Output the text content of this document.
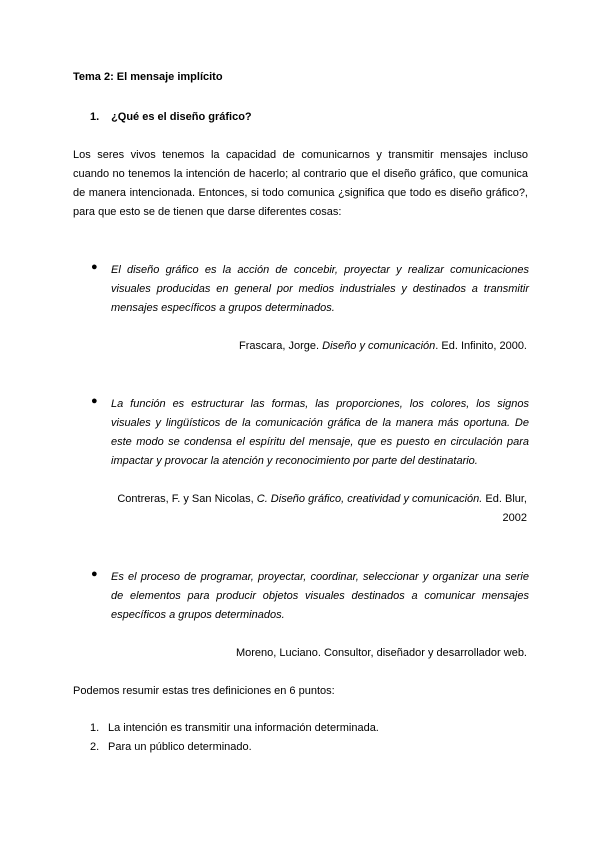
Tema 2: El mensaje implícito
1. ¿Qué es el diseño gráfico?
Los seres vivos tenemos la capacidad de comunicarnos y transmitir mensajes incluso
cuando no tenemos la intención de hacerlo; al contrario que el diseño gráfico, que comunica
de manera intencionada. Entonces, si todo comunica ¿significa que todo es diseño gráfico?,
para que esto se de tienen que darse diferentes cosas:
● El diseño gráfico es la acción de concebir, proyectar y realizar comunicaciones
visuales producidas en general por medios industriales y destinados a transmitir
mensajes específicos a grupos determinados.
Frascara, Jorge. Diseño y comunicación. Ed. Infinito, 2000.
● La función es estructurar las formas, las proporciones, los colores, los signos
visuales y lingüísticos de la comunicación gráfica de la manera más oportuna. De
este modo se condensa el espíritu del mensaje, que es puesto en circulación para
impactar y provocar la atención y reconocimiento por parte del destinatario.
Contreras, F. y San Nicolas, C. Diseño gráfico, creatividad y comunicación. Ed. Blur,
2002
● Es el proceso de programar, proyectar, coordinar, seleccionar y organizar una serie
de elementos para producir objetos visuales destinados a comunicar mensajes
específicos a grupos determinados.
Moreno, Luciano. Consultor, diseñador y desarrollador web.
Podemos resumir estas tres definiciones en 6 puntos:
1. La intención es transmitir una información determinada.
2. Para un público determinado.
